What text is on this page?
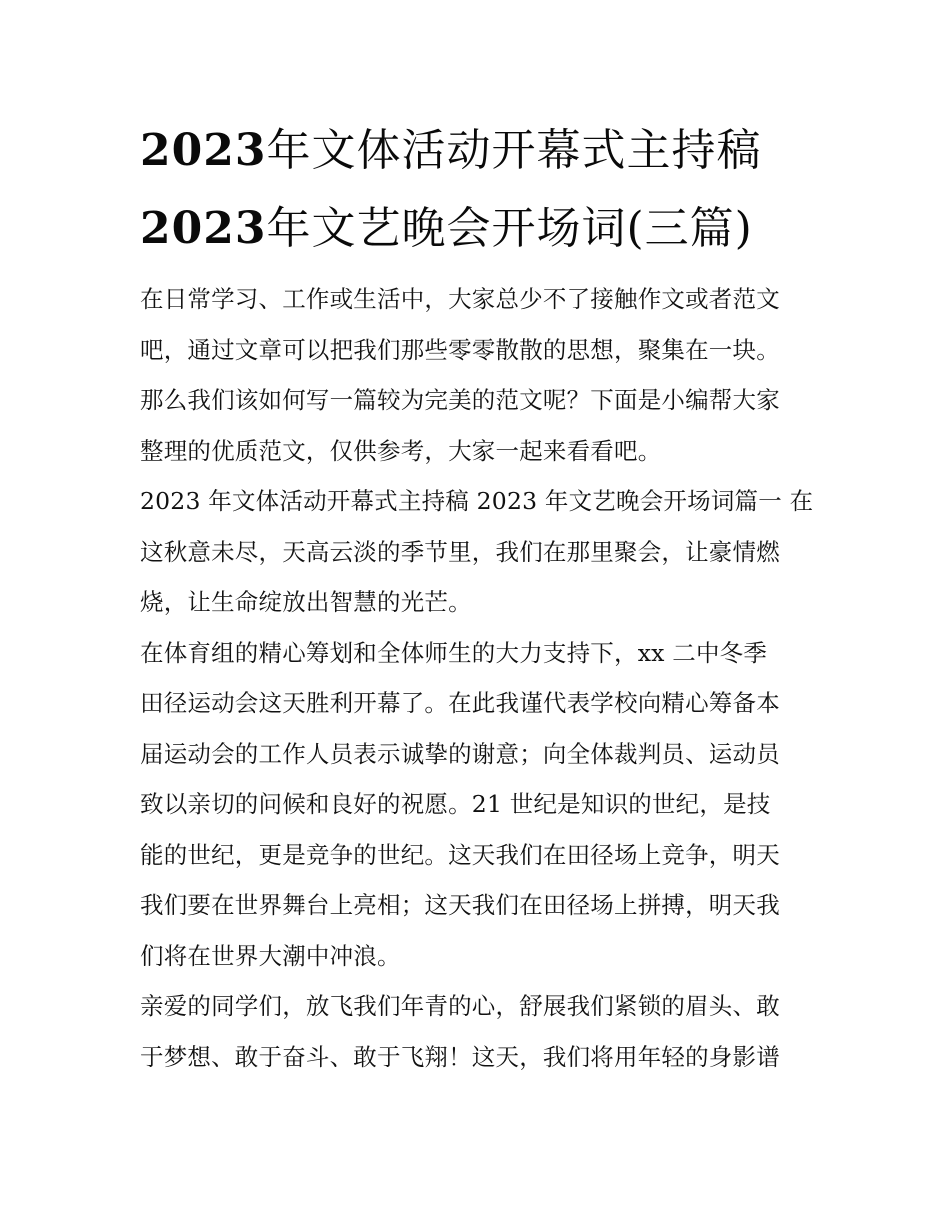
2023年文体活动开幕式主持稿
2023年文艺晚会开场词(三篇)
在日常学习、工作或生活中，大家总少不了接触作文或者范文
吧，通过文章可以把我们那些零零散散的思想，聚集在一块。
那么我们该如何写一篇较为完美的范文呢？下面是小编帮大家
整理的优质范文，仅供参考，大家一起来看看吧。
2023 年文体活动开幕式主持稿 2023 年文艺晚会开场词篇一 在
这秋意未尽，天高云淡的季节里，我们在那里聚会，让豪情燃
烧，让生命绽放出智慧的光芒。
在体育组的精心筹划和全体师生的大力支持下，xx 二中冬季
田径运动会这天胜利开幕了。在此我谨代表学校向精心筹备本
届运动会的工作人员表示诚挚的谢意；向全体裁判员、运动员
致以亲切的问候和良好的祝愿。21 世纪是知识的世纪，是技
能的世纪，更是竞争的世纪。这天我们在田径场上竞争，明天
我们要在世界舞台上亮相；这天我们在田径场上拼搏，明天我
们将在世界大潮中冲浪。
亲爱的同学们，放飞我们年青的心，舒展我们紧锁的眉头、敢
于梦想、敢于奋斗、敢于飞翔！这天，我们将用年轻的身影谱
